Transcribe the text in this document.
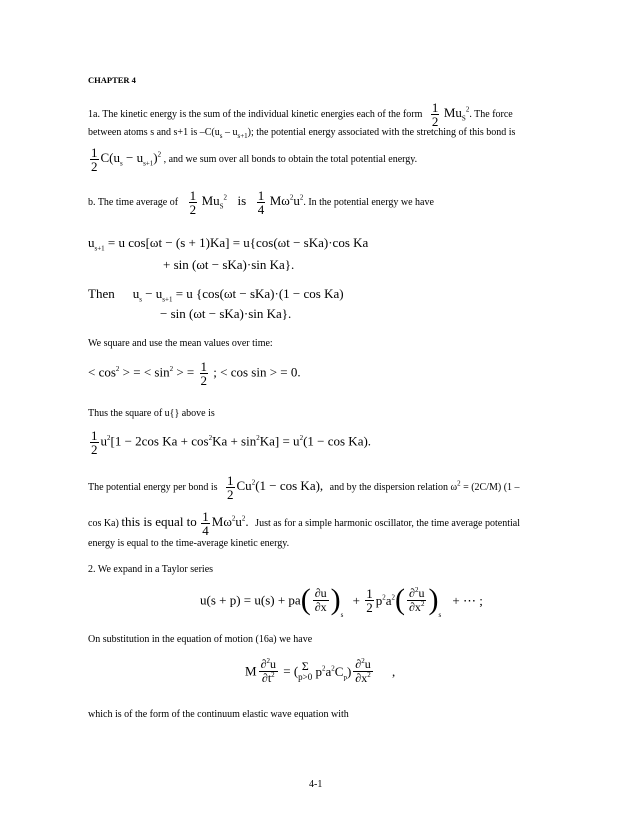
CHAPTER 4
1a. The kinetic energy is the sum of the individual kinetic energies each of the form $\frac{1}{2} Mu_S^2$. The force
between atoms s and s+1 is $-C(u_s - u_{s+1})$; the potential energy associated with the stretching of this bond is
$\frac{1}{2} C(u_s - u_{s+1})^2$ , and we sum over all bonds to obtain the total potential energy.
b. The time average of $\frac{1}{2} Mu_S^2$ is $\frac{1}{4} M\omega^2u^2$. In the potential energy we have
$u_{s+1} = u$ cos[ωt − (s + 1)Ka] = u{cos(ωt − sKa)·cos Ka
+ sin (ωt − sKa)·sin Ka}.
Then $u_s - u_{s+1} = u$ {cos(ωt − sKa)·(1 − cos Ka)
− sin (ωt − sKa)·sin Ka}.
We square and use the mean values over time:
< $\cos^2$ > = < $\sin^2$ > = $\frac{1}{2}$ ; < cos sin > = 0.
Thus the square of u{} above is
$\frac{1}{2} u^2[1 - 2\cos$ $Ka + \cos^2Ka + \sin^2Ka] = u^2(1 - \cos Ka)$.
The potential energy per bond is $\frac{1}{2} Cu^2(1 - \cos Ka)$, and by the dispersion relation $\omega^2 = (2C/M)$ (1 –
cos Ka) this is equal to $\frac{1}{4} M\omega^2u^2$. Just as for a simple harmonic oscillator, the time average potential
energy is equal to the time-average kinetic energy.
2. We expand in a Taylor series
$u(s + p) = u(s) + pa( \frac{\partial u}{\partial x} )_s + \frac{1}{2} p^2a^2( \frac{\partial^2u}{\partial x^2} )_s$ + ⋯ ;
On substitution in the equation of motion (16a) we have
M $\frac{\partial^2u}{\partial t^2}$ = ( Σ
p>0 $p^2a^2C_p) \frac{\partial^2u}{\partial x^2}$ ,
which is of the form of the continuum elastic wave equation with
4-1
